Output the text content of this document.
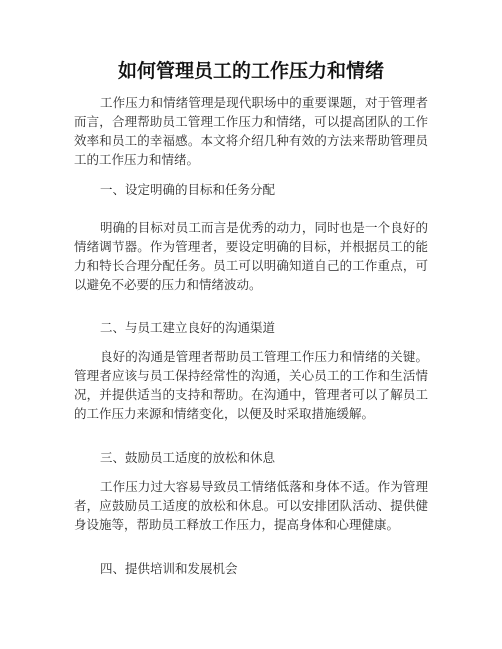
如何管理员工的工作压力和情绪

工作压力和情绪管理是现代职场中的重要课题，对于管理者而言，合理帮助员工管理工作压力和情绪，可以提高团队的工作效率和员工的幸福感。本文将介绍几种有效的方法来帮助管理员工的工作压力和情绪。

一、设定明确的目标和任务分配

明确的目标对员工而言是优秀的动力，同时也是一个良好的情绪调节器。作为管理者，要设定明确的目标，并根据员工的能力和特长合理分配任务。员工可以明确知道自己的工作重点，可以避免不必要的压力和情绪波动。

二、与员工建立良好的沟通渠道

良好的沟通是管理者帮助员工管理工作压力和情绪的关键。管理者应该与员工保持经常性的沟通，关心员工的工作和生活情况，并提供适当的支持和帮助。在沟通中，管理者可以了解员工的工作压力来源和情绪变化，以便及时采取措施缓解。

三、鼓励员工适度的放松和休息

工作压力过大容易导致员工情绪低落和身体不适。作为管理者，应鼓励员工适度的放松和休息。可以安排团队活动、提供健身设施等，帮助员工释放工作压力，提高身体和心理健康。

四、提供培训和发展机会
